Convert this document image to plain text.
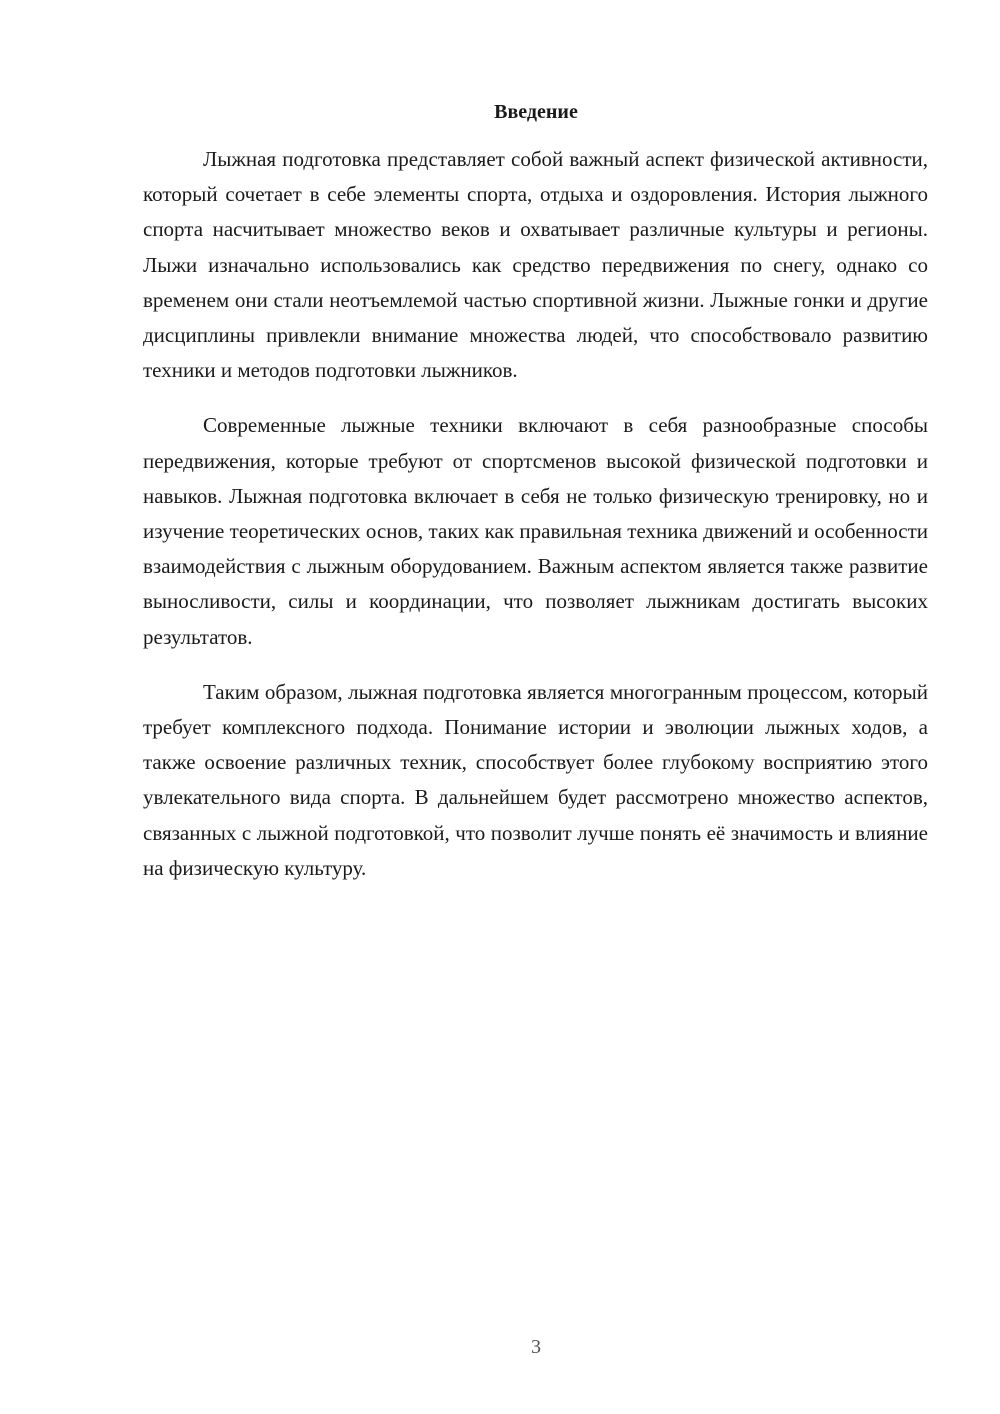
Введение

Лыжная подготовка представляет собой важный аспект физической активности, который сочетает в себе элементы спорта, отдыха и оздоровления. История лыжного спорта насчитывает множество веков и охватывает различные культуры и регионы. Лыжи изначально использовались как средство передвижения по снегу, однако со временем они стали неотъемлемой частью спортивной жизни. Лыжные гонки и другие дисциплины привлекли внимание множества людей, что способствовало развитию техники и методов подготовки лыжников.

Современные лыжные техники включают в себя разнообразные способы передвижения, которые требуют от спортсменов высокой физической подготовки и навыков. Лыжная подготовка включает в себя не только физическую тренировку, но и изучение теоретических основ, таких как правильная техника движений и особенности взаимодействия с лыжным оборудованием. Важным аспектом является также развитие выносливости, силы и координации, что позволяет лыжникам достигать высоких результатов.

Таким образом, лыжная подготовка является многогранным процессом, который требует комплексного подхода. Понимание истории и эволюции лыжных ходов, а также освоение различных техник, способствует более глубокому восприятию этого увлекательного вида спорта. В дальнейшем будет рассмотрено множество аспектов, связанных с лыжной подготовкой, что позволит лучше понять её значимость и влияние на физическую культуру.

3
